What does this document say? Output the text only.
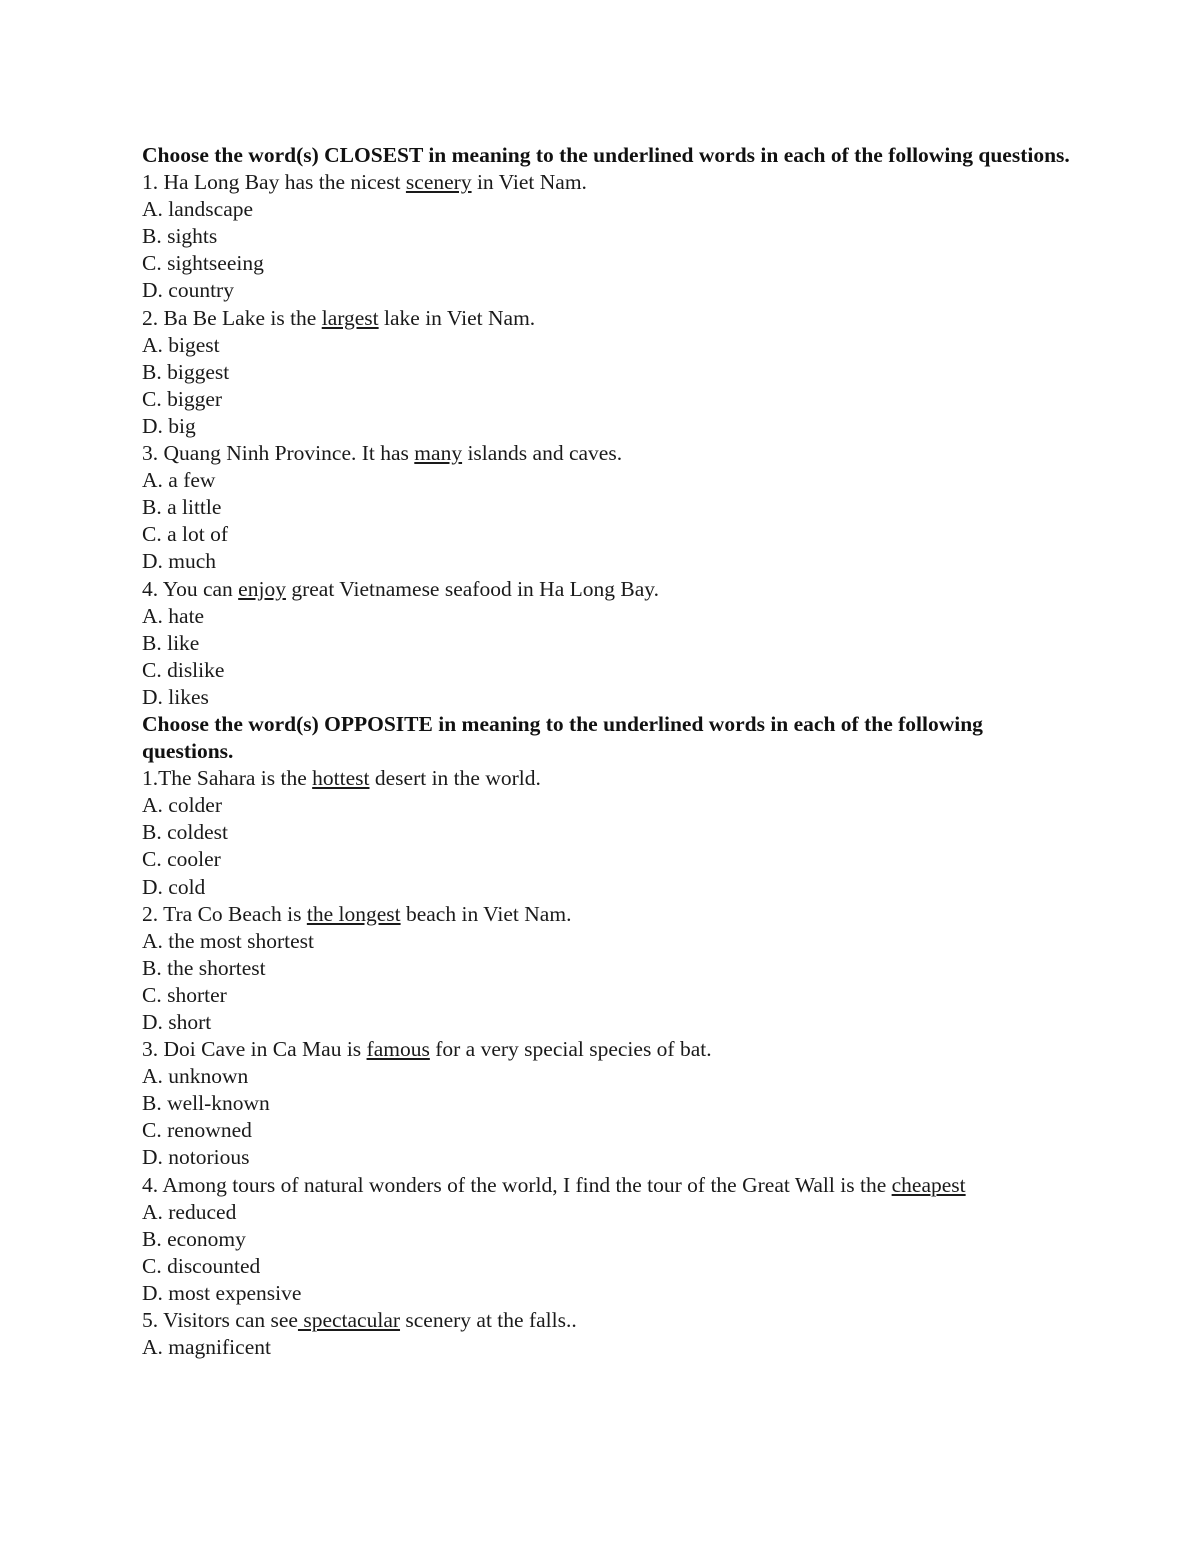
Choose the word(s) CLOSEST in meaning to the underlined words in each of the following questions.
1. Ha Long Bay has the nicest scenery in Viet Nam.
A. landscape
B. sights
C. sightseeing
D. country
2. Ba Be Lake is the largest lake in Viet Nam.
A. bigest
B. biggest
C. bigger
D. big
3. Quang Ninh Province. It has many islands and caves.
A. a few
B. a little
C. a lot of
D. much
4. You can enjoy great Vietnamese seafood in Ha Long Bay.
A. hate
B. like
C. dislike
D. likes
Choose the word(s) OPPOSITE in meaning to the underlined words in each of the following questions.
1.The Sahara is the hottest desert in the world.
A. colder
B. coldest
C. cooler
D. cold
2. Tra Co Beach is the longest beach in Viet Nam.
A. the most shortest
B. the shortest
C. shorter
D. short
3. Doi Cave in Ca Mau is famous for a very special species of bat.
A. unknown
B. well-known
C. renowned
D. notorious
4. Among tours of natural wonders of the world, I find the tour of the Great Wall is the cheapest
A. reduced
B. economy
C. discounted
D. most expensive
5. Visitors can see spectacular scenery at the falls..
A. magnificent
